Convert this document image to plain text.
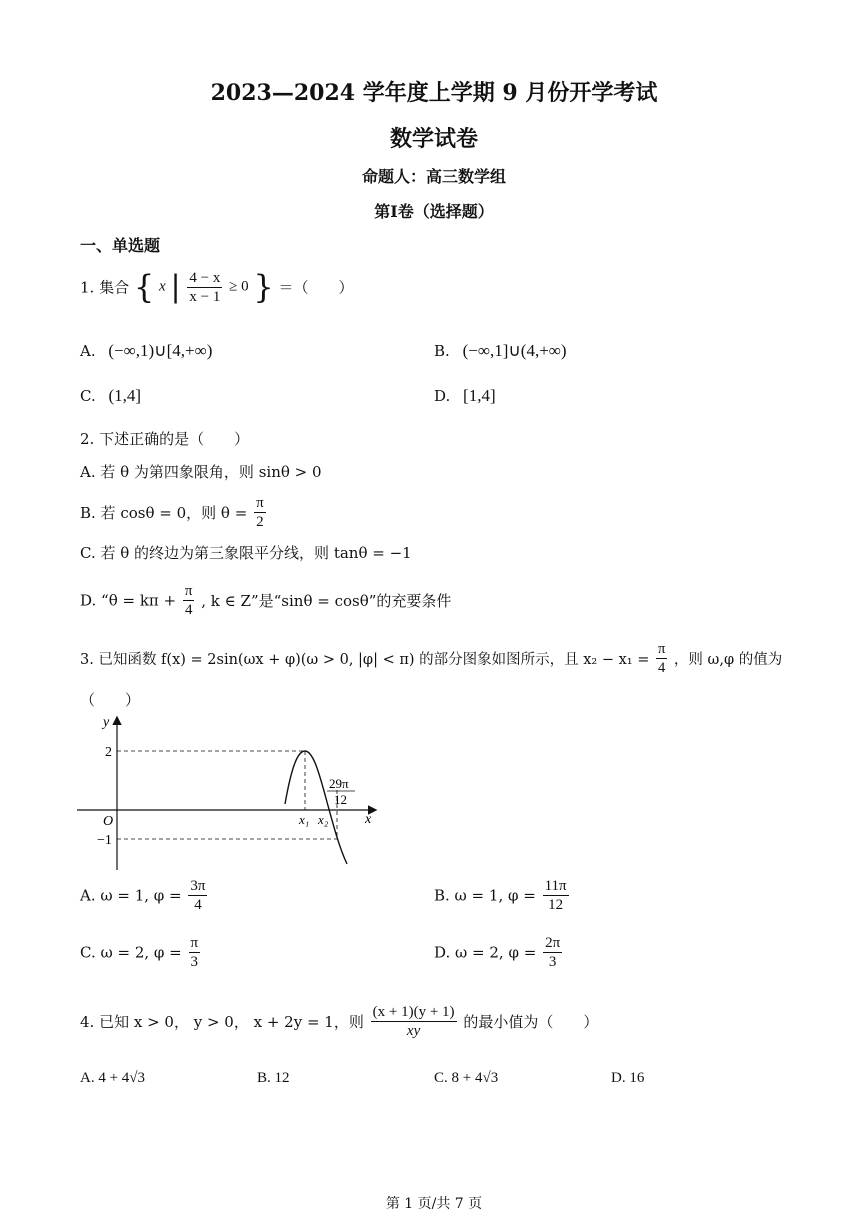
2023—2024 学年度上学期 9 月份开学考试
数学试卷
命题人：高三数学组
第Ⅰ卷（选择题）
一、单选题
1. 集合 { x | $\frac{4 - x}{x - 1} \ge 0$ } ＝（　　）
A. (−∞,1)∪[4,+∞)	B. (−∞,1]∪(4,+∞)
C. (1,4]	D. [1,4]
2. 下述正确的是（　　）
A. 若 θ 为第四象限角，则 sinθ > 0
B. 若 cosθ = 0，则 $\theta = \frac{\pi}{2}$
C. 若 θ 的终边为第三象限平分线，则 tanθ = −1
D. “$\theta = k\pi + \frac{\pi}{4}$ , k ∈ Z”是“sinθ = cosθ”的充要条件
3. 已知函数 f(x) = 2sin(ωx + φ)(ω > 0, |φ| < π) 的部分图象如图所示，且 $x_2 - x_1 = \frac{\pi}{4}$ ，则 ω,φ 的值为
（　　）
29π
12
y
x
O
2
−1
x₁ x₂
A. ω = 1, $\varphi = \frac{3\pi}{4}$	B. ω = 1, $\varphi = \frac{11\pi}{12}$
C. ω = 2, $\varphi = \frac{\pi}{3}$	D. ω = 2, $\varphi = \frac{2\pi}{3}$
4. 已知 x > 0， y > 0， x + 2y = 1，则 $\frac{(x + 1)(y + 1)}{xy}$ 的最小值为（　　）
A. 4 + 4√3	B. 12	C. 8 + 4√3	D. 16
第 1 页/共 7 页
